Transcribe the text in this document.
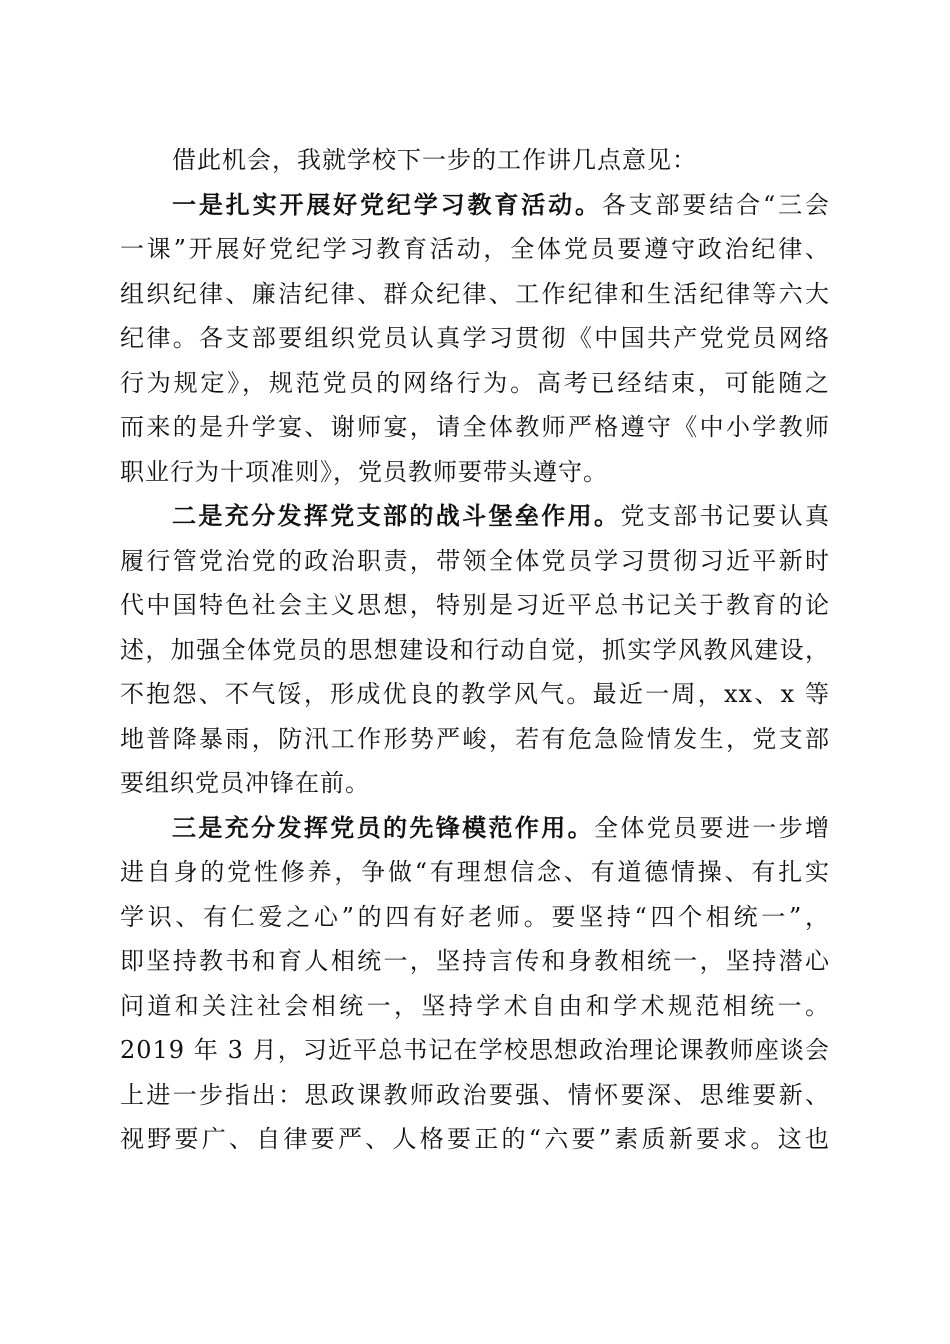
借此机会，我就学校下一步的工作讲几点意见：
一是扎实开展好党纪学习教育活动。各支部要结合“三会
一课”开展好党纪学习教育活动，全体党员要遵守政治纪律、
组织纪律、廉洁纪律、群众纪律、工作纪律和生活纪律等六大
纪律。各支部要组织党员认真学习贯彻《中国共产党党员网络
行为规定》，规范党员的网络行为。高考已经结束，可能随之
而来的是升学宴、谢师宴，请全体教师严格遵守《中小学教师
职业行为十项准则》，党员教师要带头遵守。
二是充分发挥党支部的战斗堡垒作用。党支部书记要认真
履行管党治党的政治职责，带领全体党员学习贯彻习近平新时
代中国特色社会主义思想，特别是习近平总书记关于教育的论
述，加强全体党员的思想建设和行动自觉，抓实学风教风建设，
不抱怨、不气馁，形成优良的教学风气。最近一周，xx、x 等
地普降暴雨，防汛工作形势严峻，若有危急险情发生，党支部
要组织党员冲锋在前。
三是充分发挥党员的先锋模范作用。全体党员要进一步增
进自身的党性修养，争做“有理想信念、有道德情操、有扎实
学识、有仁爱之心”的四有好老师。要坚持“四个相统一”，
即坚持教书和育人相统一，坚持言传和身教相统一，坚持潜心
问道和关注社会相统一，坚持学术自由和学术规范相统一。
2019 年 3 月，习近平总书记在学校思想政治理论课教师座谈会
上进一步指出：思政课教师政治要强、情怀要深、思维要新、
视野要广、自律要严、人格要正的“六要”素质新要求。这也
